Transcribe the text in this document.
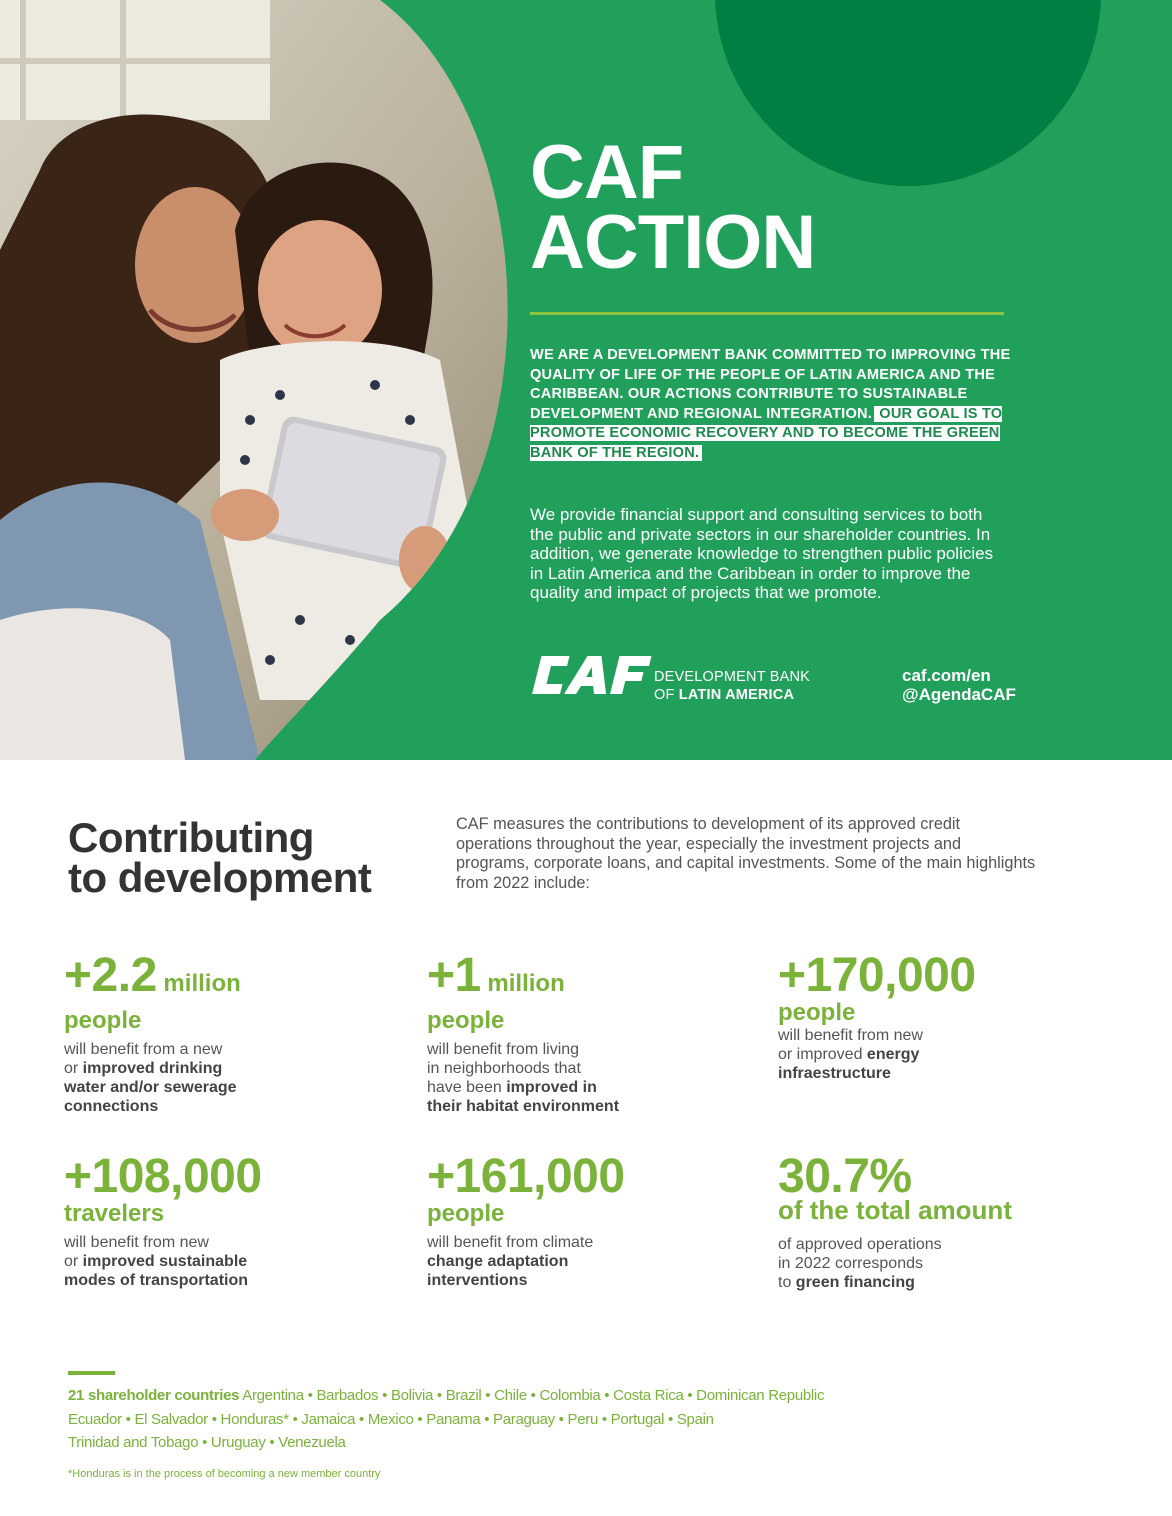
CAF
ACTION

WE ARE A DEVELOPMENT BANK COMMITTED TO IMPROVING THE QUALITY OF LIFE OF THE PEOPLE OF LATIN AMERICA AND THE CARIBBEAN. OUR ACTIONS CONTRIBUTE TO SUSTAINABLE DEVELOPMENT AND REGIONAL INTEGRATION. OUR GOAL IS TO PROMOTE ECONOMIC RECOVERY AND TO BECOME THE GREEN BANK OF THE REGION.

We provide financial support and consulting services to both the public and private sectors in our shareholder countries. In addition, we generate knowledge to strengthen public policies in Latin America and the Caribbean in order to improve the quality and impact of projects that we promote.

DEVELOPMENT BANK
OF LATIN AMERICA
caf.com/en
@AgendaCAF
Contributing
to development

CAF measures the contributions to development of its approved credit operations throughout the year, especially the investment projects and programs, corporate loans, and capital investments. Some of the main highlights from 2022 include:

+2.2 million
people
will benefit from a new
or improved drinking
water and/or sewerage
connections
+1 million
people
will benefit from living
in neighborhoods that
have been improved in
their habitat environment
+170,000
people
will benefit from new
or improved energy
infraestructure
+108,000
travelers
will benefit from new
or improved sustainable
modes of transportation
+161,000
people
will benefit from climate
change adaptation
interventions
30.7%
of the total amount
of approved operations
in 2022 corresponds
to green financing

21 shareholder countries Argentina • Barbados • Bolivia • Brazil • Chile • Colombia • Costa Rica • Dominican Republic
Ecuador • El Salvador • Honduras* • Jamaica • Mexico • Panama • Paraguay • Peru • Portugal • Spain
Trinidad and Tobago • Uruguay • Venezuela

*Honduras is in the process of becoming a new member country
